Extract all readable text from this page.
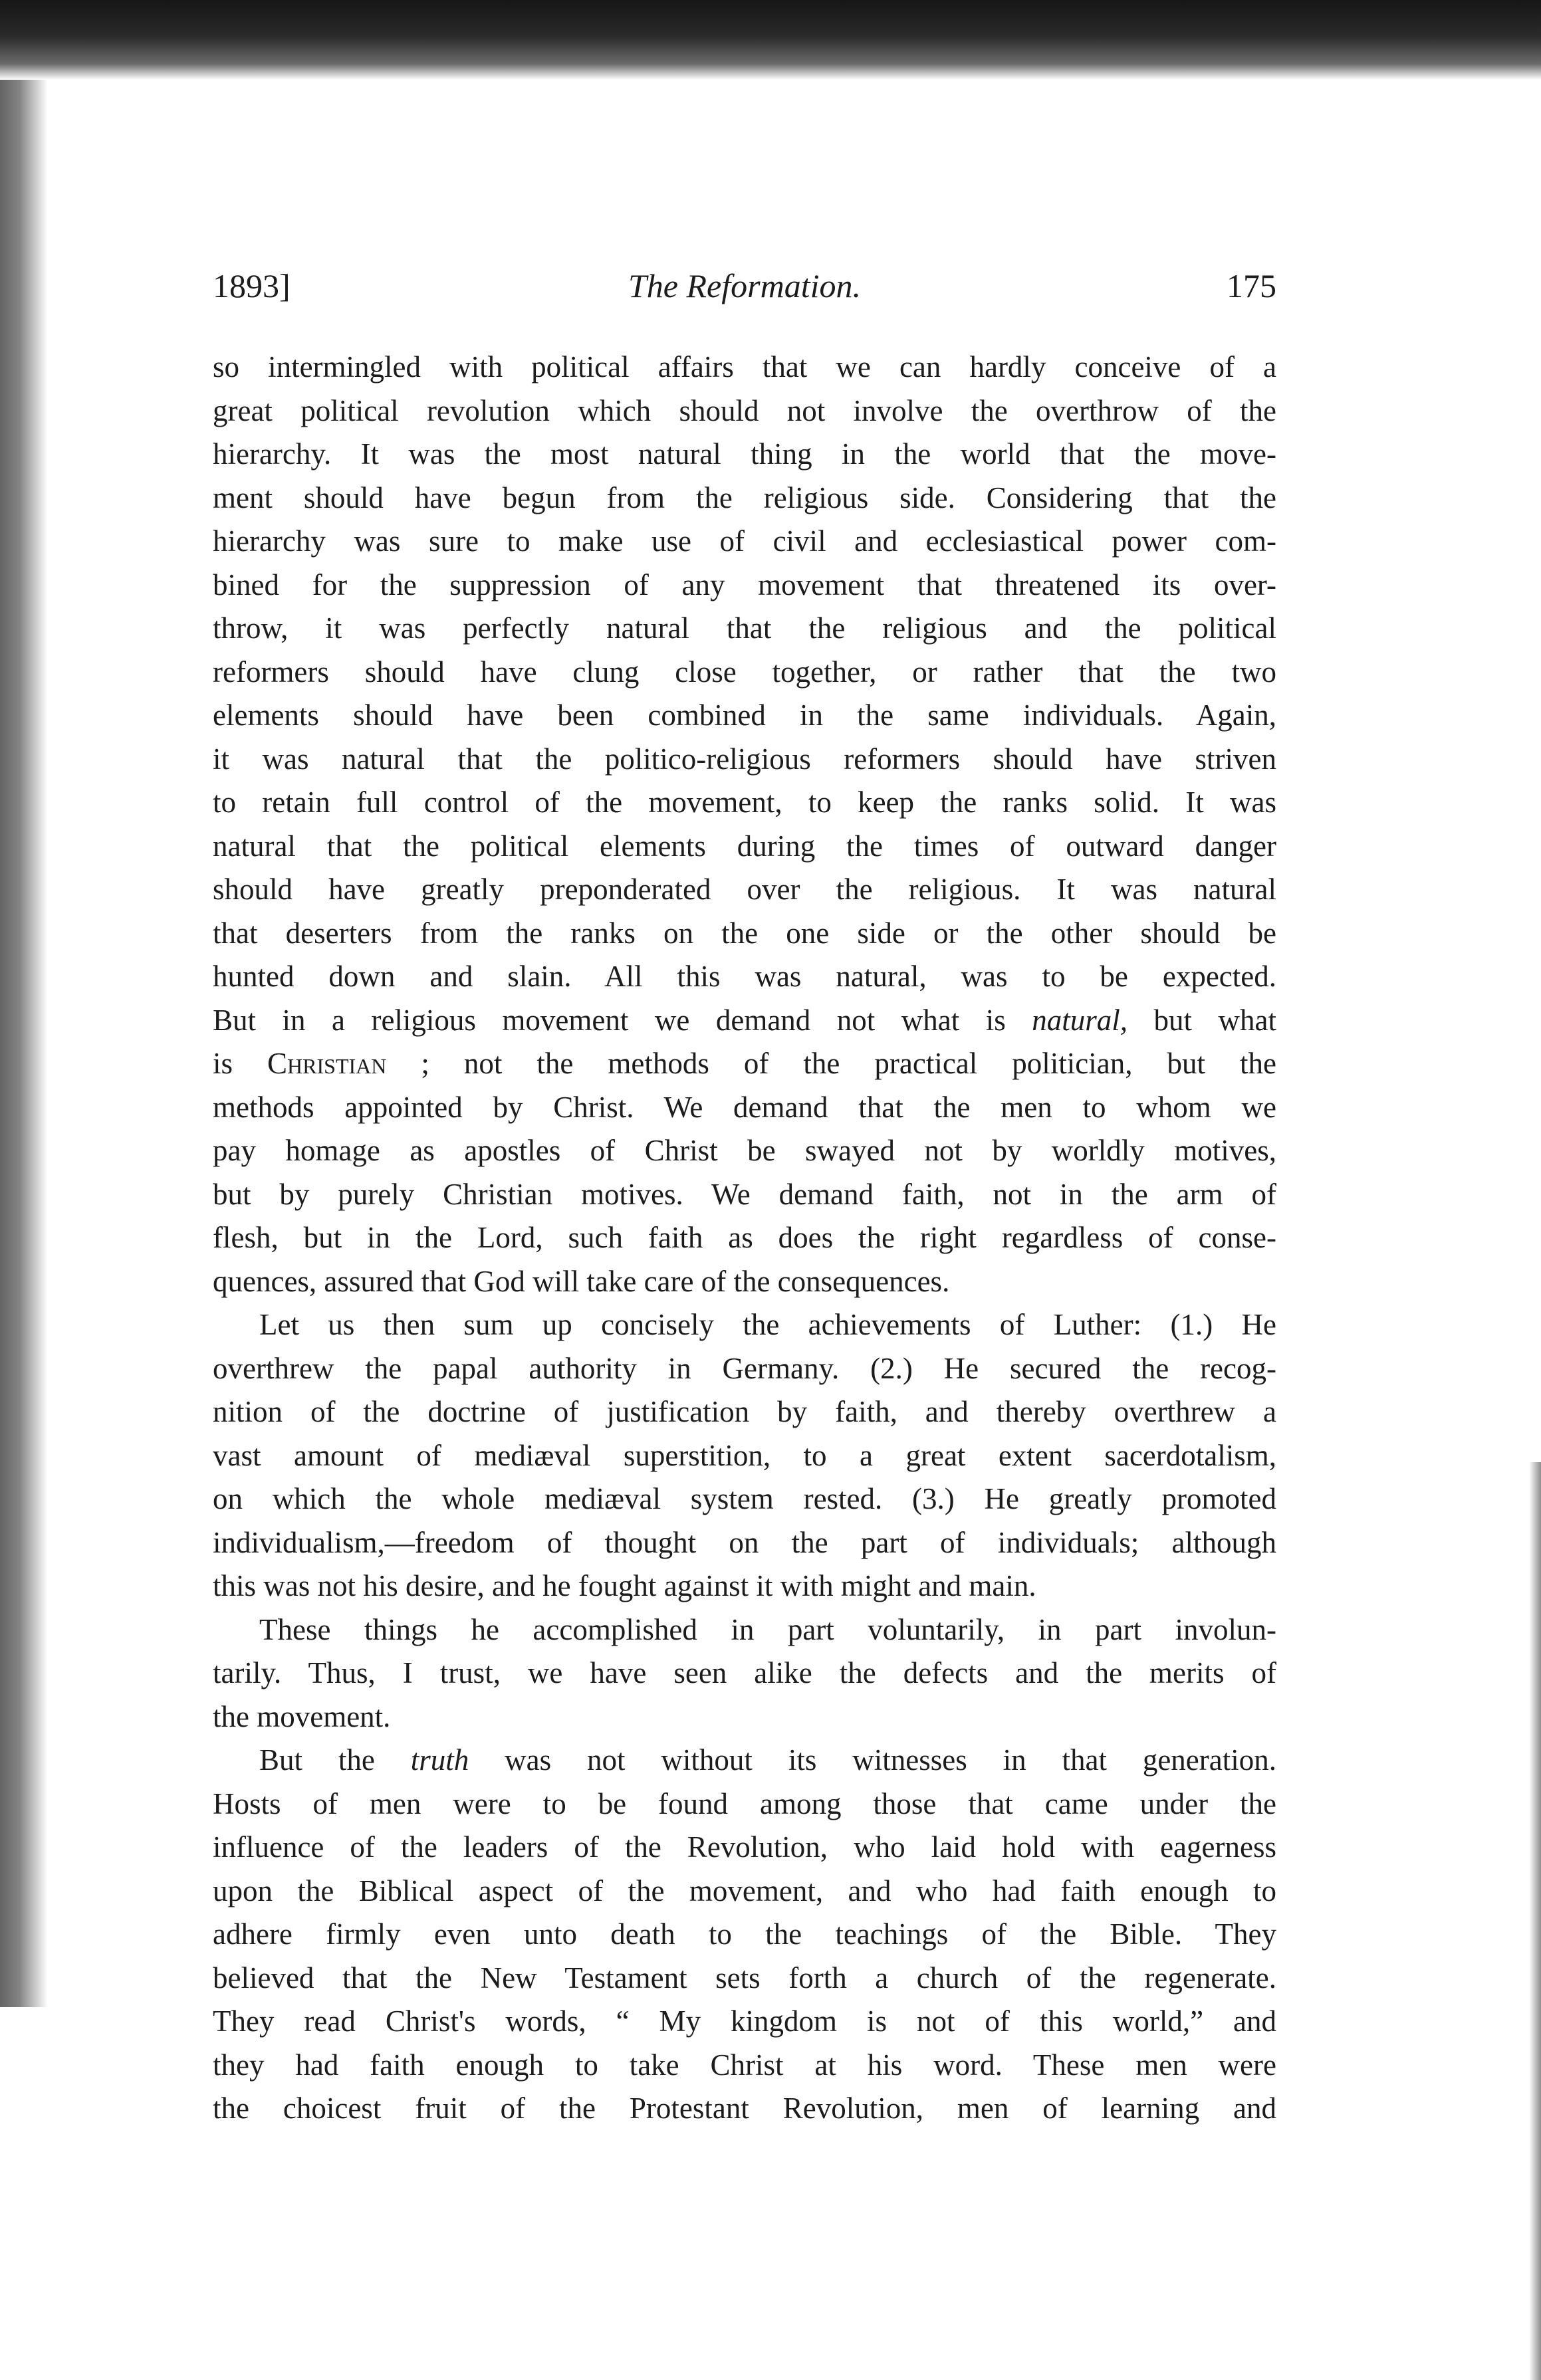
1893]	The Reformation.	175
so intermingled with political affairs that we can hardly conceive of a
great political revolution which should not involve the overthrow of the
hierarchy. It was the most natural thing in the world that the move-
ment should have begun from the religious side. Considering that the
hierarchy was sure to make use of civil and ecclesiastical power com-
bined for the suppression of any movement that threatened its over-
throw, it was perfectly natural that the religious and the political
reformers should have clung close together, or rather that the two
elements should have been combined in the same individuals. Again,
it was natural that the politico-religious reformers should have striven
to retain full control of the movement, to keep the ranks solid. It was
natural that the political elements during the times of outward danger
should have greatly preponderated over the religious. It was natural
that deserters from the ranks on the one side or the other should be
hunted down and slain. All this was natural, was to be expected.
But in a religious movement we demand not what is natural, but what
is Christian ; not the methods of the practical politician, but the
methods appointed by Christ. We demand that the men to whom we
pay homage as apostles of Christ be swayed not by worldly motives,
but by purely Christian motives. We demand faith, not in the arm of
flesh, but in the Lord, such faith as does the right regardless of conse-
quences, assured that God will take care of the consequences.
Let us then sum up concisely the achievements of Luther: (1.) He
overthrew the papal authority in Germany. (2.) He secured the recog-
nition of the doctrine of justification by faith, and thereby overthrew a
vast amount of mediæval superstition, to a great extent sacerdotalism,
on which the whole mediæval system rested. (3.) He greatly promoted
individualism,—freedom of thought on the part of individuals; although
this was not his desire, and he fought against it with might and main.
These things he accomplished in part voluntarily, in part involun-
tarily. Thus, I trust, we have seen alike the defects and the merits of
the movement.
But the truth was not without its witnesses in that generation.
Hosts of men were to be found among those that came under the
influence of the leaders of the Revolution, who laid hold with eagerness
upon the Biblical aspect of the movement, and who had faith enough to
adhere firmly even unto death to the teachings of the Bible. They
believed that the New Testament sets forth a church of the regenerate.
They read Christ's words, “ My kingdom is not of this world,” and
they had faith enough to take Christ at his word. These men were
the choicest fruit of the Protestant Revolution, men of learning and
